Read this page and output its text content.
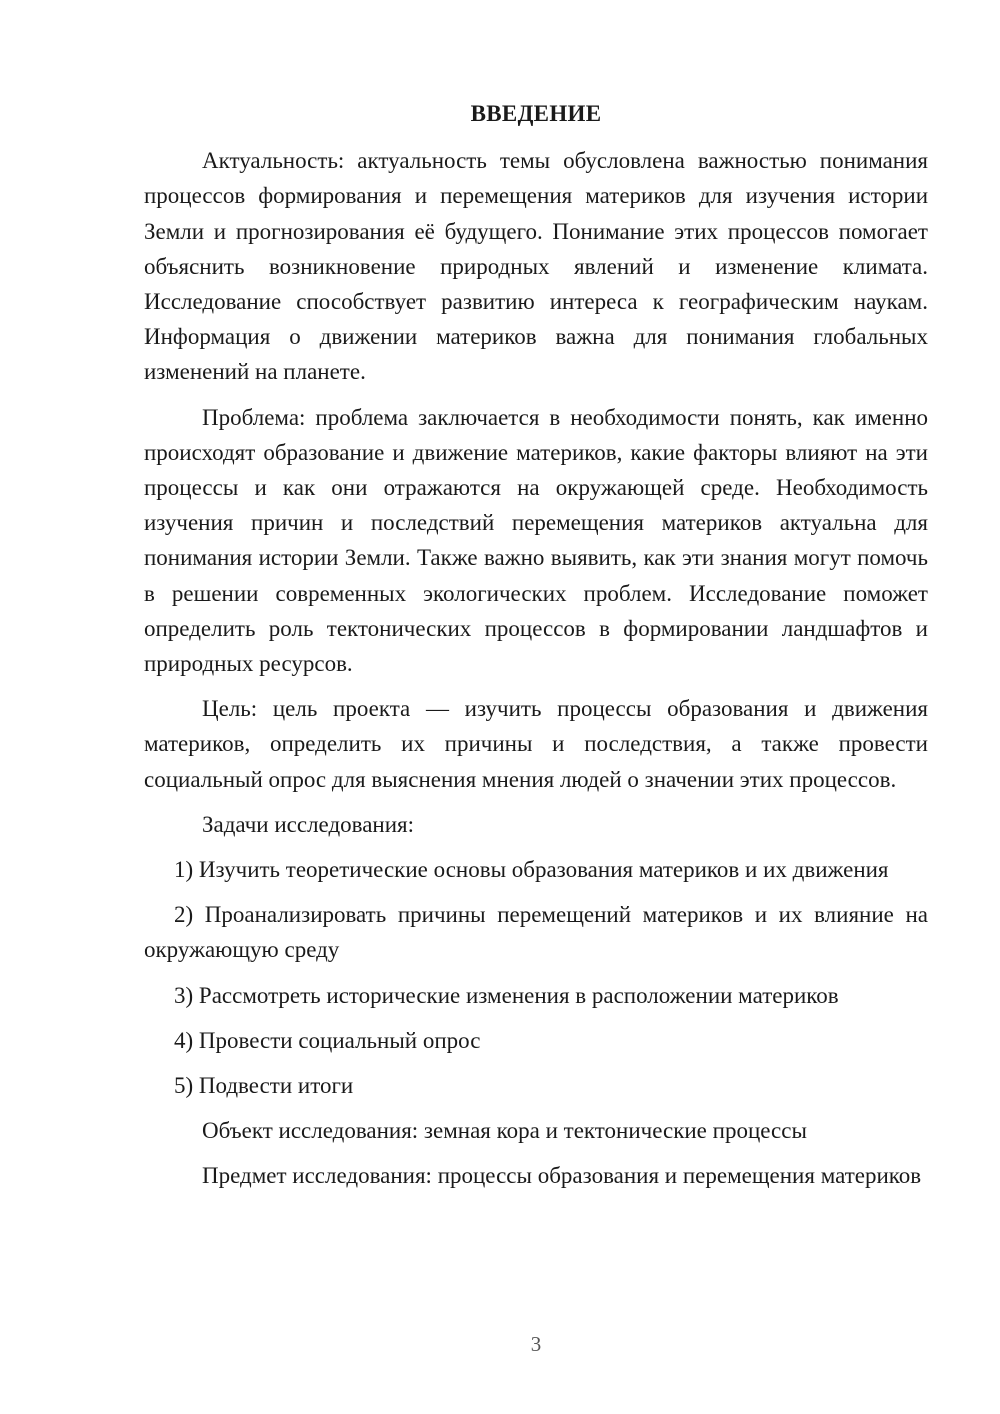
ВВЕДЕНИЕ

Актуальность: актуальность темы обусловлена важностью понимания процессов формирования и перемещения материков для изучения истории Земли и прогнозирования её будущего. Понимание этих процессов помогает объяснить возникновение природных явлений и изменение климата. Исследование способствует развитию интереса к географическим наукам. Информация о движении материков важна для понимания глобальных изменений на планете.

Проблема: проблема заключается в необходимости понять, как именно происходят образование и движение материков, какие факторы влияют на эти процессы и как они отражаются на окружающей среде. Необходимость изучения причин и последствий перемещения материков актуальна для понимания истории Земли. Также важно выявить, как эти знания могут помочь в решении современных экологических проблем. Исследование поможет определить роль тектонических процессов в формировании ландшафтов и природных ресурсов.

Цель: цель проекта — изучить процессы образования и движения материков, определить их причины и последствия, а также провести социальный опрос для выяснения мнения людей о значении этих процессов.

Задачи исследования:

1) Изучить теоретические основы образования материков и их движения

2) Проанализировать причины перемещений материков и их влияние на окружающую среду

3) Рассмотреть исторические изменения в расположении материков

4) Провести социальный опрос

5) Подвести итоги

Объект исследования: земная кора и тектонические процессы

Предмет исследования: процессы образования и перемещения материков

3
